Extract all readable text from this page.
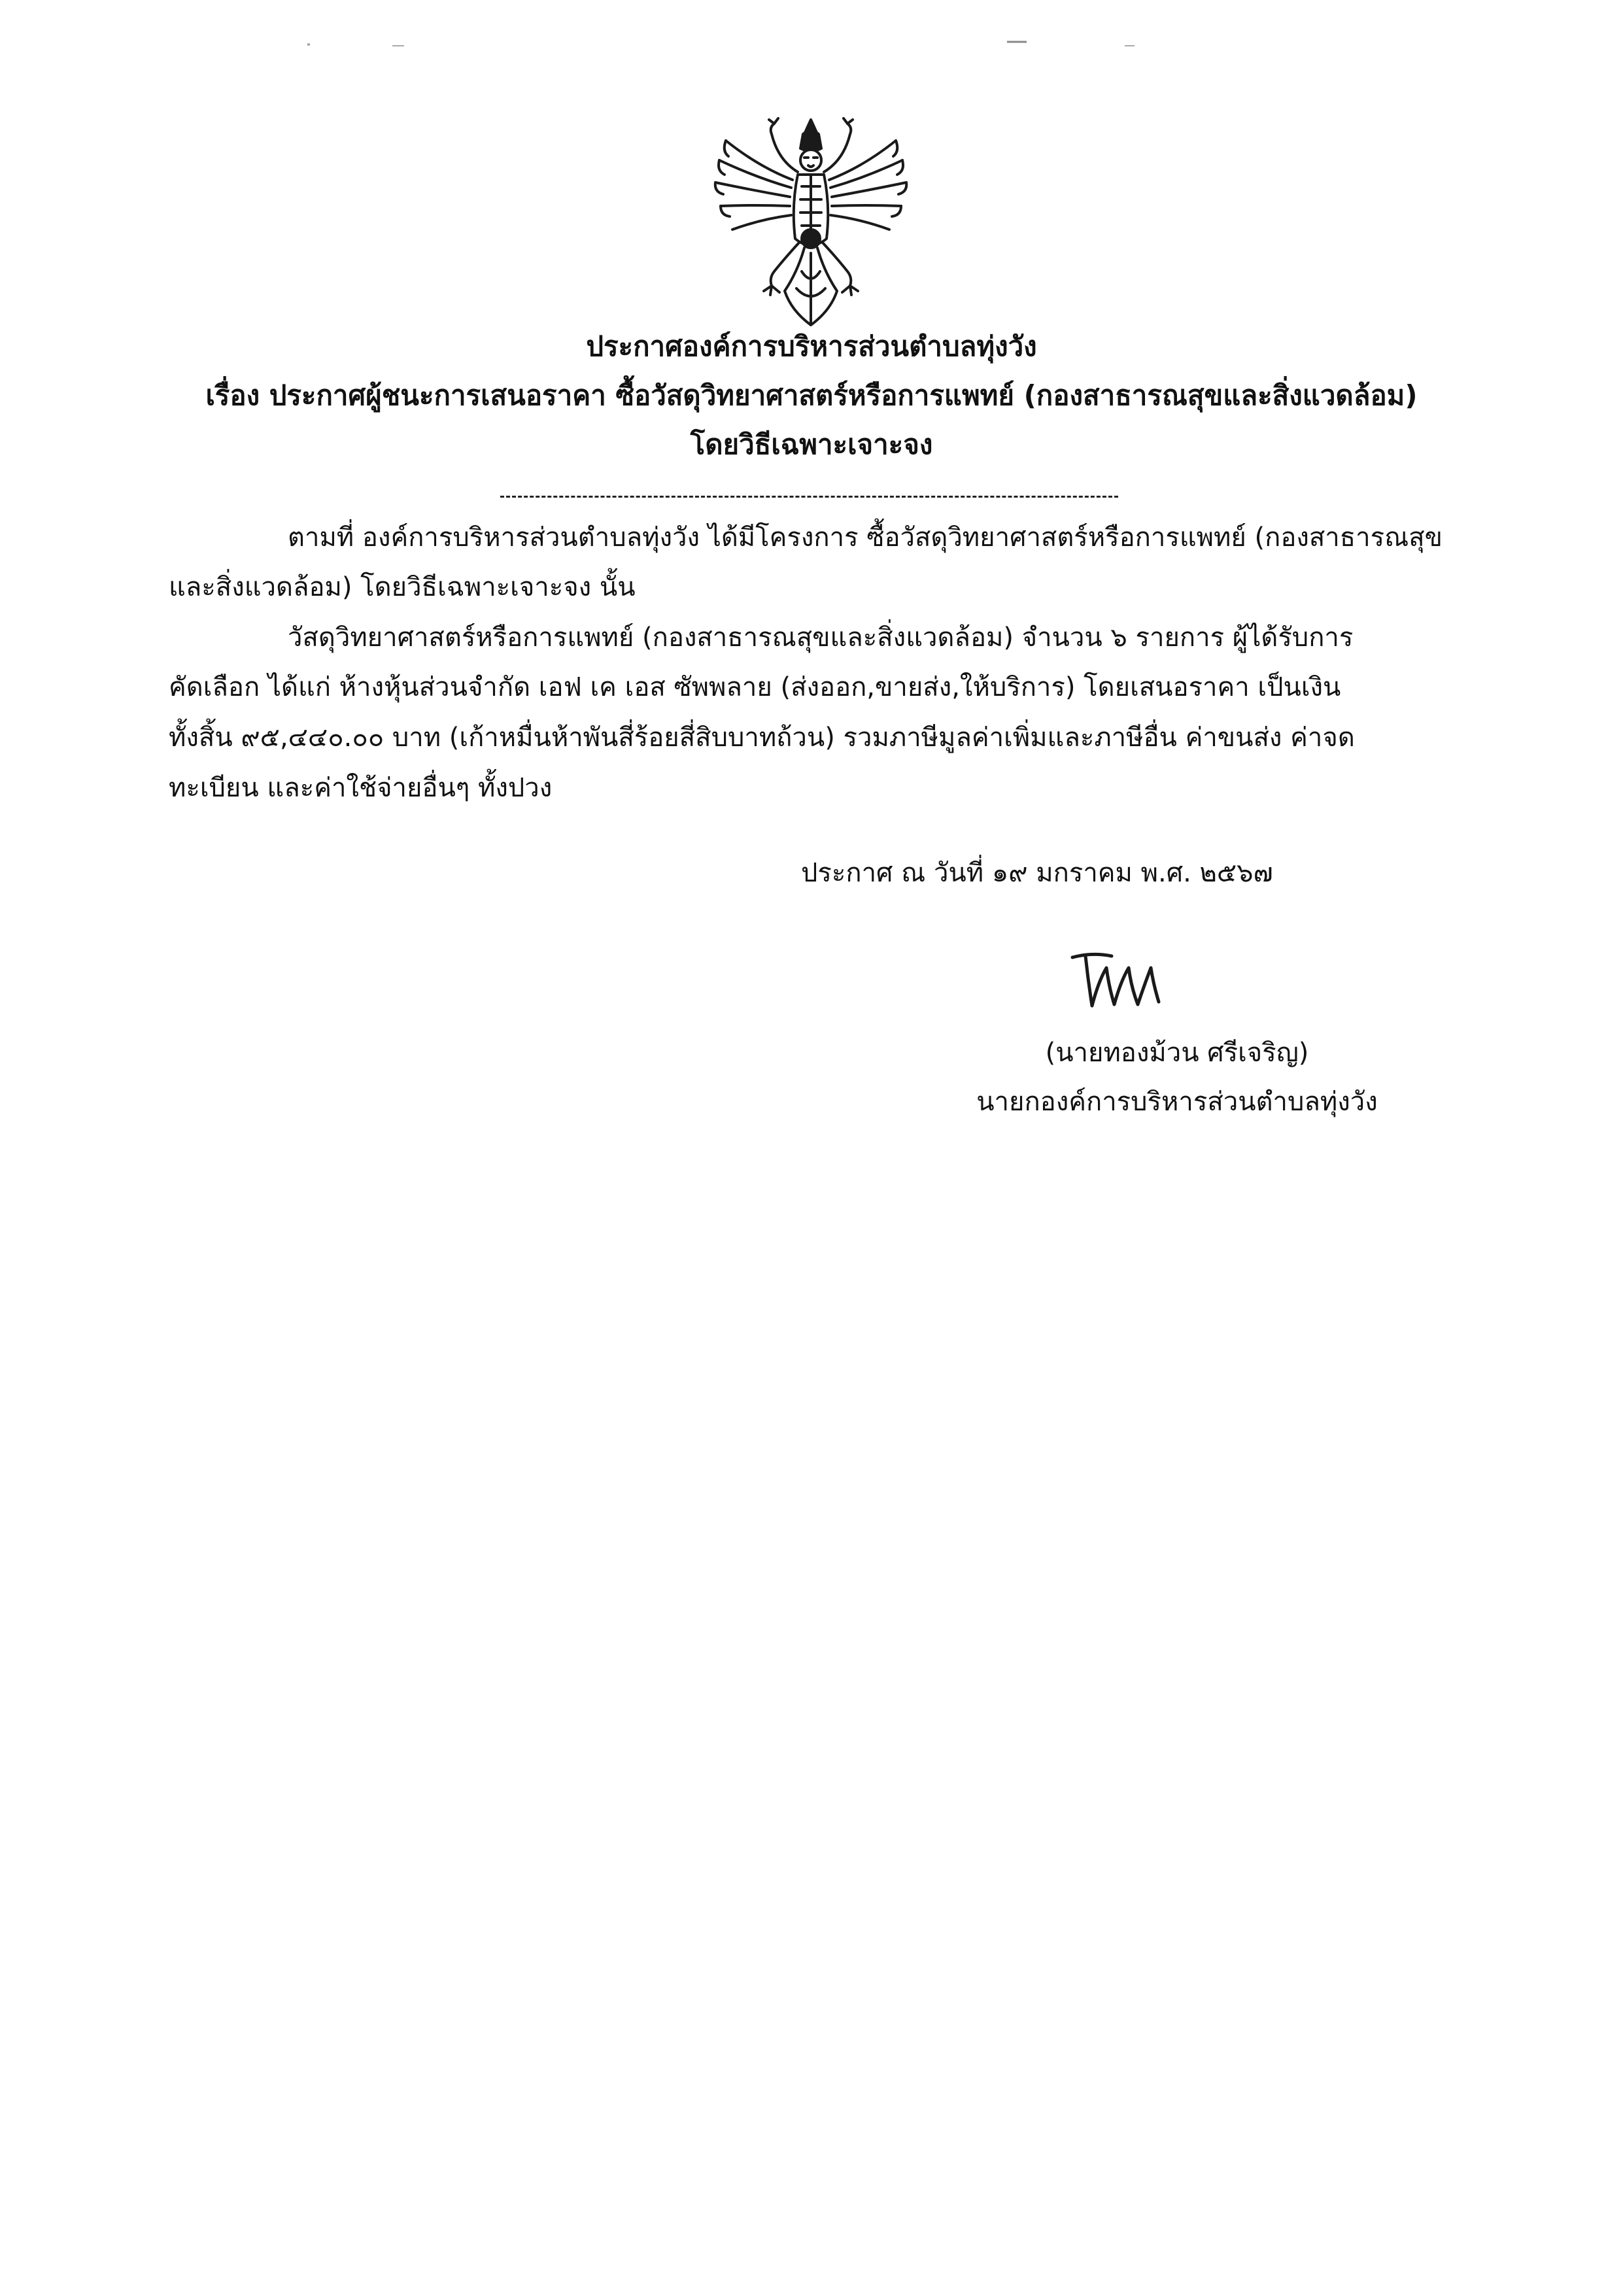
ประกาศองค์การบริหารส่วนตำบลทุ่งวัง
เรื่อง ประกาศผู้ชนะการเสนอราคา ซื้อวัสดุวิทยาศาสตร์หรือการแพทย์ (กองสาธารณสุขและสิ่งแวดล้อม)
โดยวิธีเฉพาะเจาะจง
ตามที่ องค์การบริหารส่วนตำบลทุ่งวัง ได้มีโครงการ ซื้อวัสดุวิทยาศาสตร์หรือการแพทย์ (กองสาธารณสุข
และสิ่งแวดล้อม) โดยวิธีเฉพาะเจาะจง นั้น
วัสดุวิทยาศาสตร์หรือการแพทย์ (กองสาธารณสุขและสิ่งแวดล้อม) จำนวน ๖ รายการ ผู้ได้รับการ
คัดเลือก ได้แก่ ห้างหุ้นส่วนจำกัด เอฟ เค เอส ซัพพลาย (ส่งออก,ขายส่ง,ให้บริการ) โดยเสนอราคา เป็นเงิน
ทั้งสิ้น ๙๕,๔๔๐.๐๐ บาท (เก้าหมื่นห้าพันสี่ร้อยสี่สิบบาทถ้วน) รวมภาษีมูลค่าเพิ่มและภาษีอื่น ค่าขนส่ง ค่าจด
ทะเบียน และค่าใช้จ่ายอื่นๆ ทั้งปวง
ประกาศ ณ วันที่ ๑๙ มกราคม พ.ศ. ๒๕๖๗
(นายทองม้วน ศรีเจริญ)
นายกองค์การบริหารส่วนตำบลทุ่งวัง
